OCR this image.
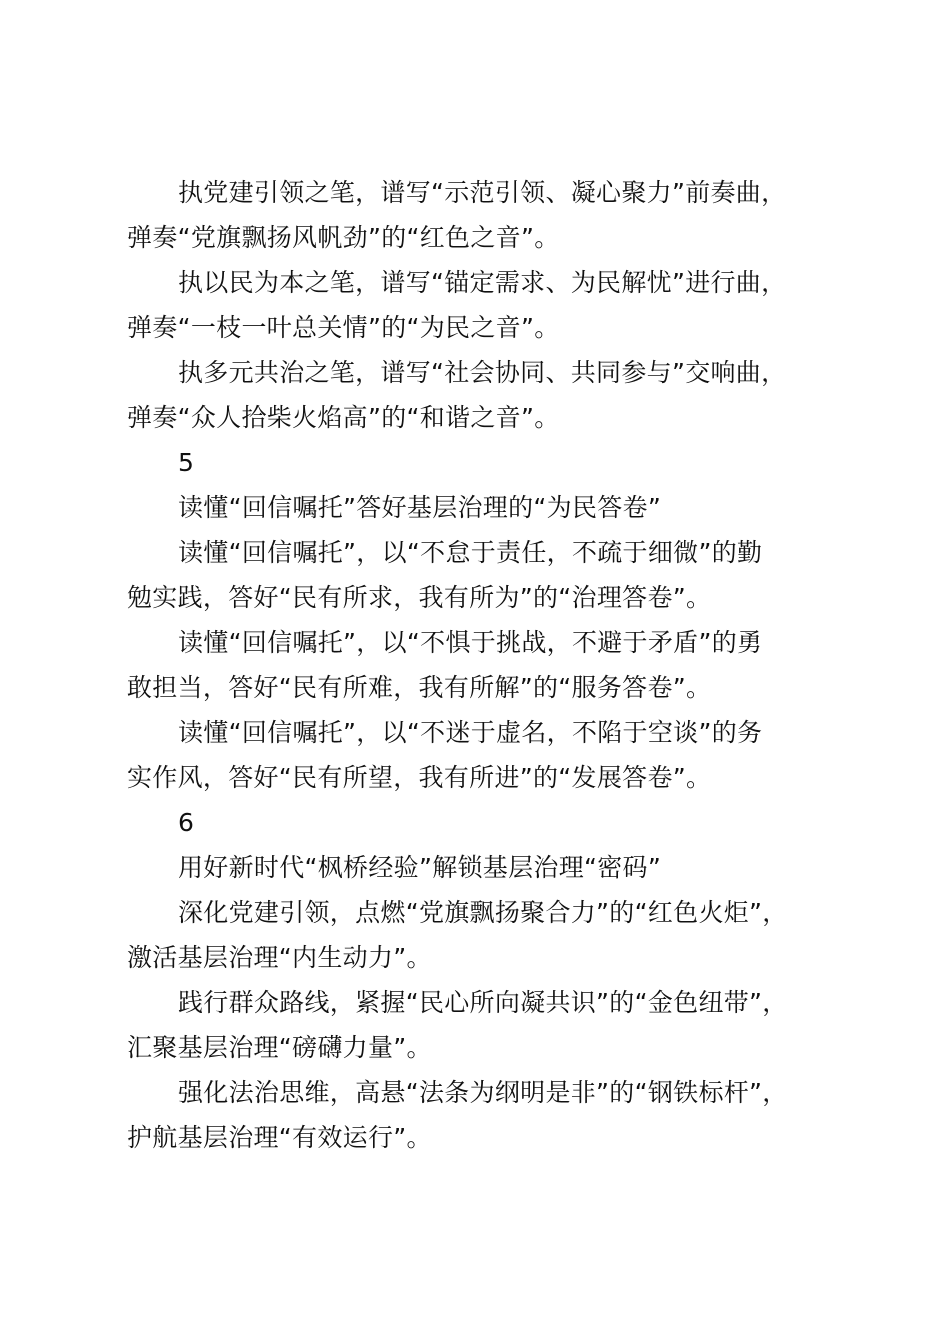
执党建引领之笔，谱写“示范引领、凝心聚力”前奏曲，
弹奏“党旗飘扬风帆劲”的“红色之音”。
执以民为本之笔，谱写“锚定需求、为民解忧”进行曲，
弹奏“一枝一叶总关情”的“为民之音”。
执多元共治之笔，谱写“社会协同、共同参与”交响曲，
弹奏“众人拾柴火焰高”的“和谐之音”。
5
读懂“回信嘱托”答好基层治理的“为民答卷”
读懂“回信嘱托”，以“不怠于责任，不疏于细微”的勤
勉实践，答好“民有所求，我有所为”的“治理答卷”。
读懂“回信嘱托”，以“不惧于挑战，不避于矛盾”的勇
敢担当，答好“民有所难，我有所解”的“服务答卷”。
读懂“回信嘱托”，以“不迷于虚名，不陷于空谈”的务
实作风，答好“民有所望，我有所进”的“发展答卷”。
6
用好新时代“枫桥经验”解锁基层治理“密码”
深化党建引领，点燃“党旗飘扬聚合力”的“红色火炬”，
激活基层治理“内生动力”。
践行群众路线，紧握“民心所向凝共识”的“金色纽带”，
汇聚基层治理“磅礴力量”。
强化法治思维，高悬“法条为纲明是非”的“钢铁标杆”，
护航基层治理“有效运行”。
